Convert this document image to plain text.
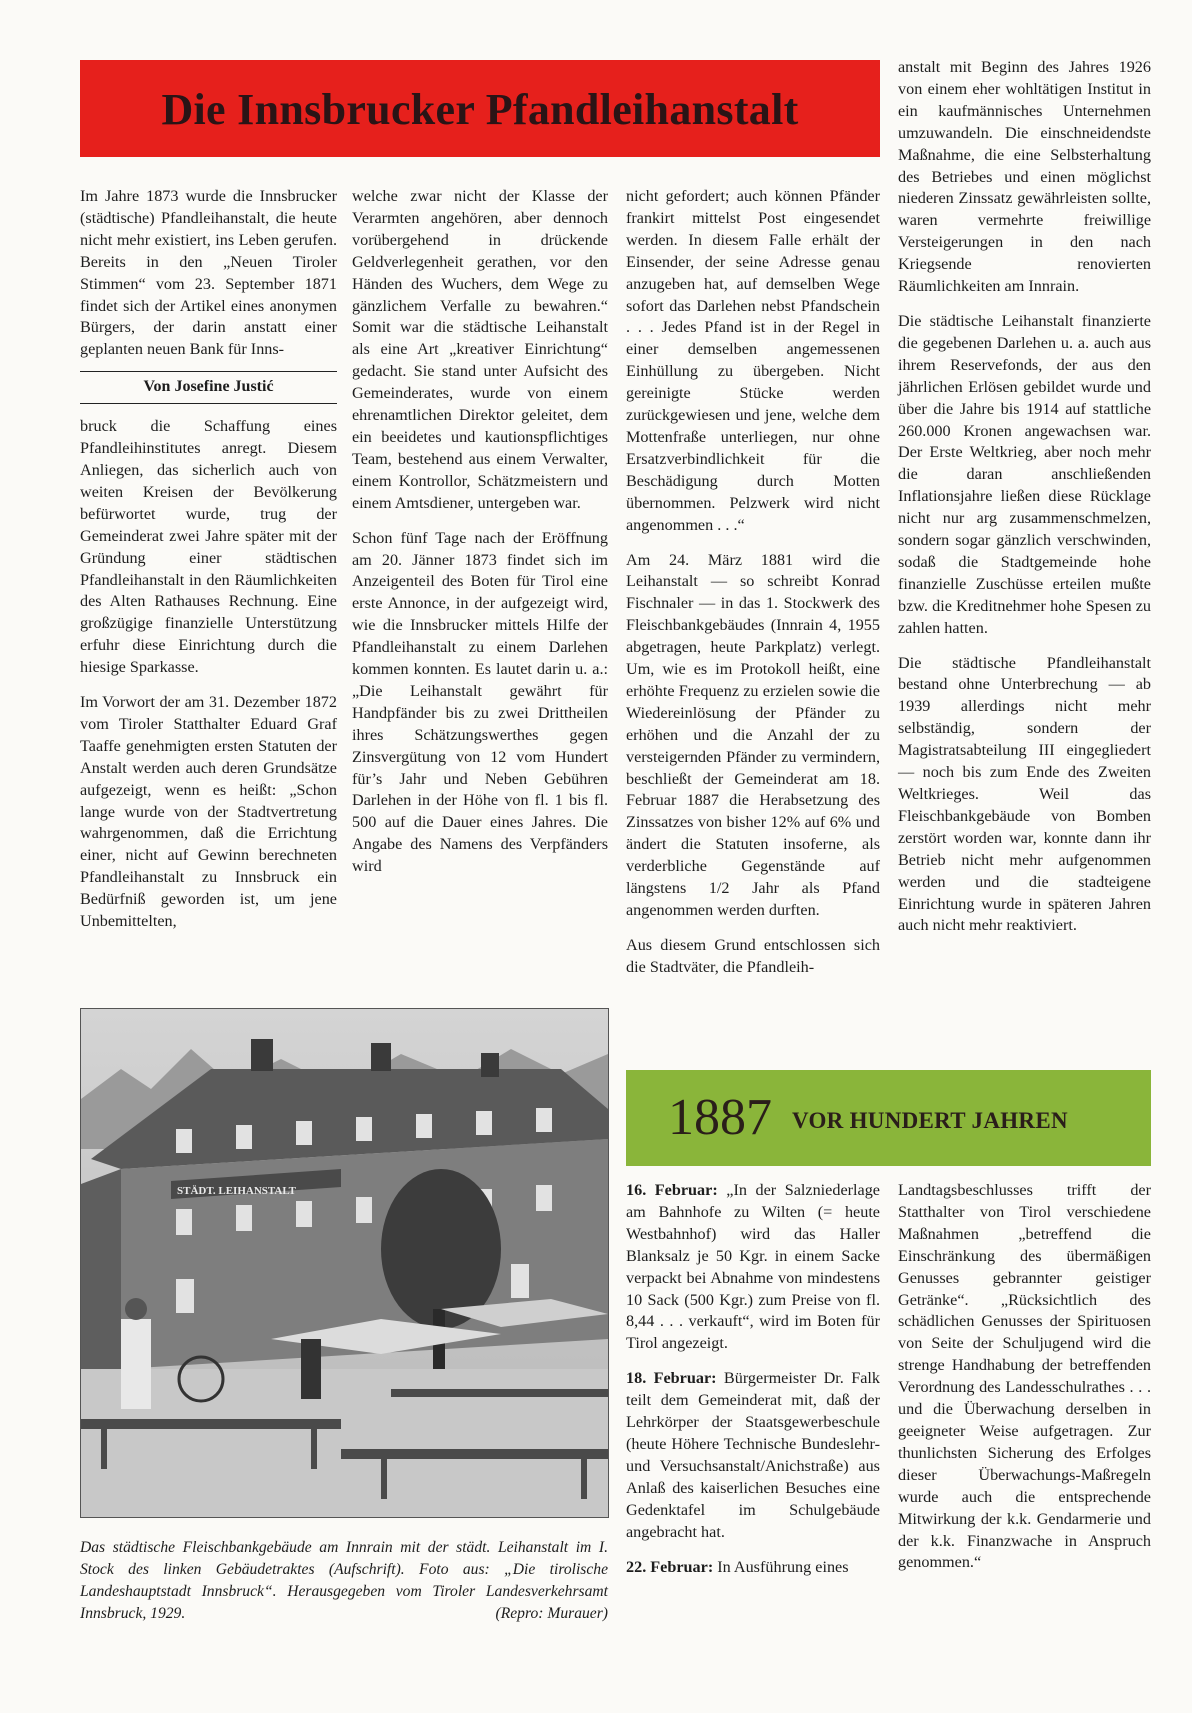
Die Innsbrucker Pfandleihanstalt

Im Jahre 1873 wurde die Innsbrucker (städtische) Pfandleihanstalt, die heute nicht mehr existiert, ins Leben gerufen. Bereits in den „Neuen Tiroler Stimmen“ vom 23. September 1871 findet sich der Artikel eines anonymen Bürgers, der darin anstatt einer geplanten neuen Bank für Inns-

Von Josefine Justić

bruck die Schaffung eines Pfandleihinstitutes anregt. Diesem Anliegen, das sicherlich auch von weiten Kreisen der Bevölkerung befürwortet wurde, trug der Gemeinderat zwei Jahre später mit der Gründung einer städtischen Pfandleihanstalt in den Räumlichkeiten des Alten Rathauses Rechnung. Eine großzügige finanzielle Unterstützung erfuhr diese Einrichtung durch die hiesige Sparkasse.

Im Vorwort der am 31. Dezember 1872 vom Tiroler Statthalter Eduard Graf Taaffe genehmigten ersten Statuten der Anstalt werden auch deren Grundsätze aufgezeigt, wenn es heißt: „Schon lange wurde von der Stadtvertretung wahrgenommen, daß die Errichtung einer, nicht auf Gewinn berechneten Pfandleihanstalt zu Innsbruck ein Bedürfniß geworden ist, um jene Unbemittelten,

welche zwar nicht der Klasse der Verarmten angehören, aber dennoch vorübergehend in drückende Geldverlegenheit gerathen, vor den Händen des Wuchers, dem Wege zu gänzlichem Verfalle zu bewahren.“ Somit war die städtische Leihanstalt als eine Art „kreativer Einrichtung“ gedacht. Sie stand unter Aufsicht des Gemeinderates, wurde von einem ehrenamtlichen Direktor geleitet, dem ein beeidetes und kautionspflichtiges Team, bestehend aus einem Verwalter, einem Kontrollor, Schätzmeistern und einem Amtsdiener, untergeben war.

Schon fünf Tage nach der Eröffnung am 20. Jänner 1873 findet sich im Anzeigenteil des Boten für Tirol eine erste Annonce, in der aufgezeigt wird, wie die Innsbrucker mittels Hilfe der Pfandleihanstalt zu einem Darlehen kommen konnten. Es lautet darin u. a.: „Die Leihanstalt gewährt für Handpfänder bis zu zwei Drittheilen ihres Schätzungswerthes gegen Zinsvergütung von 12 vom Hundert für’s Jahr und Neben Gebühren Darlehen in der Höhe von fl. 1 bis fl. 500 auf die Dauer eines Jahres. Die Angabe des Namens des Verpfänders wird

nicht gefordert; auch können Pfänder frankirt mittelst Post eingesendet werden. In diesem Falle erhält der Einsender, der seine Adresse genau anzugeben hat, auf demselben Wege sofort das Darlehen nebst Pfandschein . . . Jedes Pfand ist in der Regel in einer demselben angemessenen Einhüllung zu übergeben. Nicht gereinigte Stücke werden zurückgewiesen und jene, welche dem Mottenfraße unterliegen, nur ohne Ersatzverbindlichkeit für die Beschädigung durch Motten übernommen. Pelzwerk wird nicht angenommen . . .“

Am 24. März 1881 wird die Leihanstalt — so schreibt Konrad Fischnaler — in das 1. Stockwerk des Fleischbankgebäudes (Innrain 4, 1955 abgetragen, heute Parkplatz) verlegt. Um, wie es im Protokoll heißt, eine erhöhte Frequenz zu erzielen sowie die Wiedereinlösung der Pfänder zu erhöhen und die Anzahl der zu versteigernden Pfänder zu vermindern, beschließt der Gemeinderat am 18. Februar 1887 die Herabsetzung des Zinssatzes von bisher 12% auf 6% und ändert die Statuten insoferne, als verderbliche Gegenstände auf längstens 1/2 Jahr als Pfand angenommen werden durften.

Aus diesem Grund entschlossen sich die Stadtväter, die Pfandleih-

anstalt mit Beginn des Jahres 1926 von einem eher wohltätigen Institut in ein kaufmännisches Unternehmen umzuwandeln. Die einschneidendste Maßnahme, die eine Selbsterhaltung des Betriebes und einen möglichst niederen Zinssatz gewährleisten sollte, waren vermehrte freiwillige Versteigerungen in den nach Kriegsende renovierten Räumlichkeiten am Innrain.

Die städtische Leihanstalt finanzierte die gegebenen Darlehen u. a. auch aus ihrem Reservefonds, der aus den jährlichen Erlösen gebildet wurde und über die Jahre bis 1914 auf stattliche 260.000 Kronen angewachsen war. Der Erste Weltkrieg, aber noch mehr die daran anschließenden Inflationsjahre ließen diese Rücklage nicht nur arg zusammenschmelzen, sondern sogar gänzlich verschwinden, sodaß die Stadtgemeinde hohe finanzielle Zuschüsse erteilen mußte bzw. die Kreditnehmer hohe Spesen zu zahlen hatten.

Die städtische Pfandleihanstalt bestand ohne Unterbrechung — ab 1939 allerdings nicht mehr selbständig, sondern der Magistratsabteilung III eingegliedert — noch bis zum Ende des Zweiten Weltkrieges. Weil das Fleischbankgebäude von Bomben zerstört worden war, konnte dann ihr Betrieb nicht mehr aufgenommen werden und die stadteigene Einrichtung wurde in späteren Jahren auch nicht mehr reaktiviert.

STÄDT. LEIHANSTALT
Das städtische Fleischbankgebäude am Innrain mit der städt. Leihanstalt im I. Stock des linken Gebäudetraktes (Aufschrift). Foto aus: „Die tirolische Landeshauptstadt Innsbruck“. Herausgegeben vom Tiroler Landesverkehrsamt Innsbruck, 1929.	(Repro: Murauer)
1887 VOR HUNDERT JAHREN

16. Februar: „In der Salzniederlage am Bahnhofe zu Wilten (= heute Westbahnhof) wird das Haller Blanksalz je 50 Kgr. in einem Sacke verpackt bei Abnahme von mindestens 10 Sack (500 Kgr.) zum Preise von fl. 8,44 . . . verkauft“, wird im Boten für Tirol angezeigt.

18. Februar: Bürgermeister Dr. Falk teilt dem Gemeinderat mit, daß der Lehrkörper der Staatsgewerbeschule (heute Höhere Technische Bundeslehr- und Versuchsanstalt/Anichstraße) aus Anlaß des kaiserlichen Besuches eine Gedenktafel im Schulgebäude angebracht hat.

22. Februar: In Ausführung eines

Landtagsbeschlusses trifft der Statthalter von Tirol verschiedene Maßnahmen „betreffend die Einschränkung des übermäßigen Genusses gebrannter geistiger Getränke“. „Rücksichtlich des schädlichen Genusses der Spirituosen von Seite der Schuljugend wird die strenge Handhabung der betreffenden Verordnung des Landesschulrathes . . . und die Überwachung derselben in geeigneter Weise aufgetragen. Zur thunlichsten Sicherung des Erfolges dieser Überwachungs-Maßregeln wurde auch die entsprechende Mitwirkung der k.k. Gendarmerie und der k.k. Finanzwache in Anspruch genommen.“
